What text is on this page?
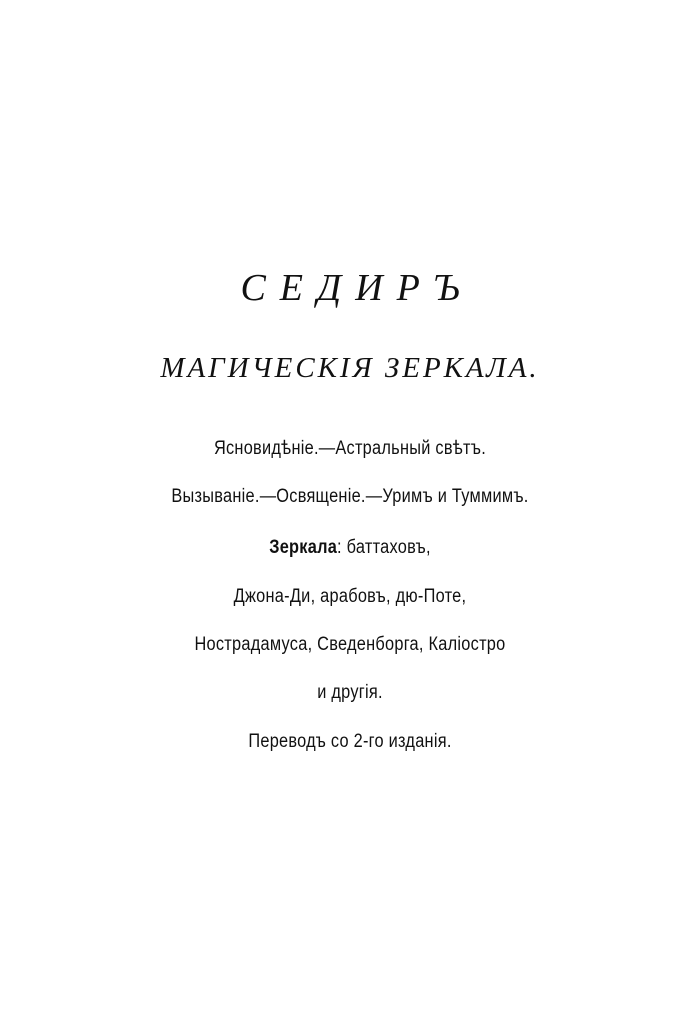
СЕДИРЪ
МАГИЧЕСКІЯ ЗЕРКАЛА.
Ясновидѣніе.—Астральный свѣтъ.
Вызываніе.—Освященіе.—Уримъ и Туммимъ.
Зеркала: баттаховъ,
Джона-Ди, арабовъ, дю-Поте,
Нострадамуса, Сведенборга, Каліостро
и другія.
Переводъ со 2-го изданія.
